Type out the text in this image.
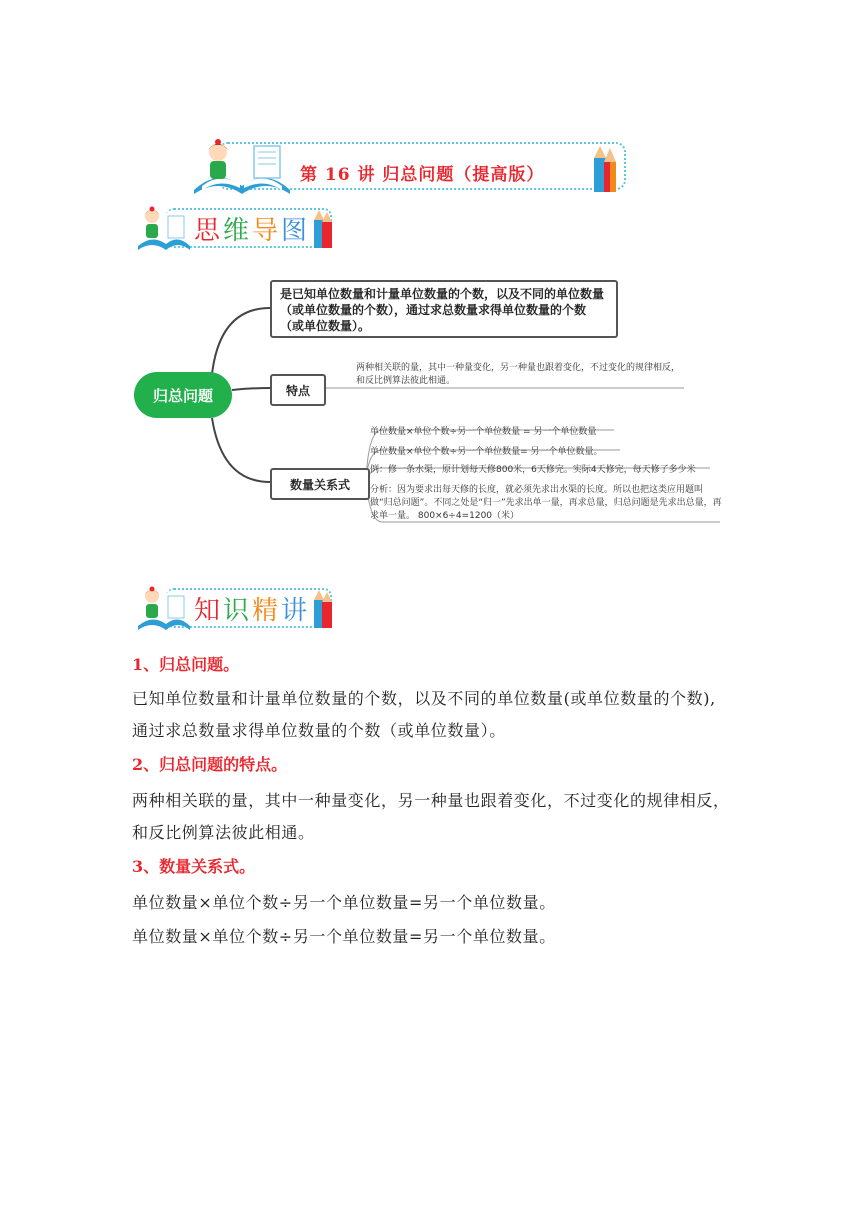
第 16 讲 归总问题（提高版）
思维导图
归总问题
是已知单位数量和计量单位数量的个数，以及不同的单位数量（或单位数量的个数），通过求总数量求得单位数量的个数（或单位数量）。
特点
两种相关联的量，其中一种量变化，另一种量也跟着变化，不过变化的规律相反，和反比例算法彼此相通。
数量关系式
单位数量×单位个数÷另一个单位数量 = 另一个单位数量
单位数量×单位个数÷另一个单位数量= 另一个单位数量。
例：修一条水渠，原计划每天修800米，6天修完。实际4天修完，每天修了多少米
分析：因为要求出每天修的长度，就必须先求出水渠的长度。所以也把这类应用题叫做“归总问题”。不同之处是“归一”先求出单一量，再求总量，归总问题是先求出总量，再求单一量。 800×6÷4=1200（米）
知识精讲
1、归总问题。
已知单位数量和计量单位数量的个数，以及不同的单位数量(或单位数量的个数),
通过求总数量求得单位数量的个数（或单位数量）。
2、归总问题的特点。
两种相关联的量，其中一种量变化，另一种量也跟着变化，不过变化的规律相反，
和反比例算法彼此相通。
3、数量关系式。
单位数量×单位个数÷另一个单位数量=另一个单位数量。
单位数量×单位个数÷另一个单位数量=另一个单位数量。
